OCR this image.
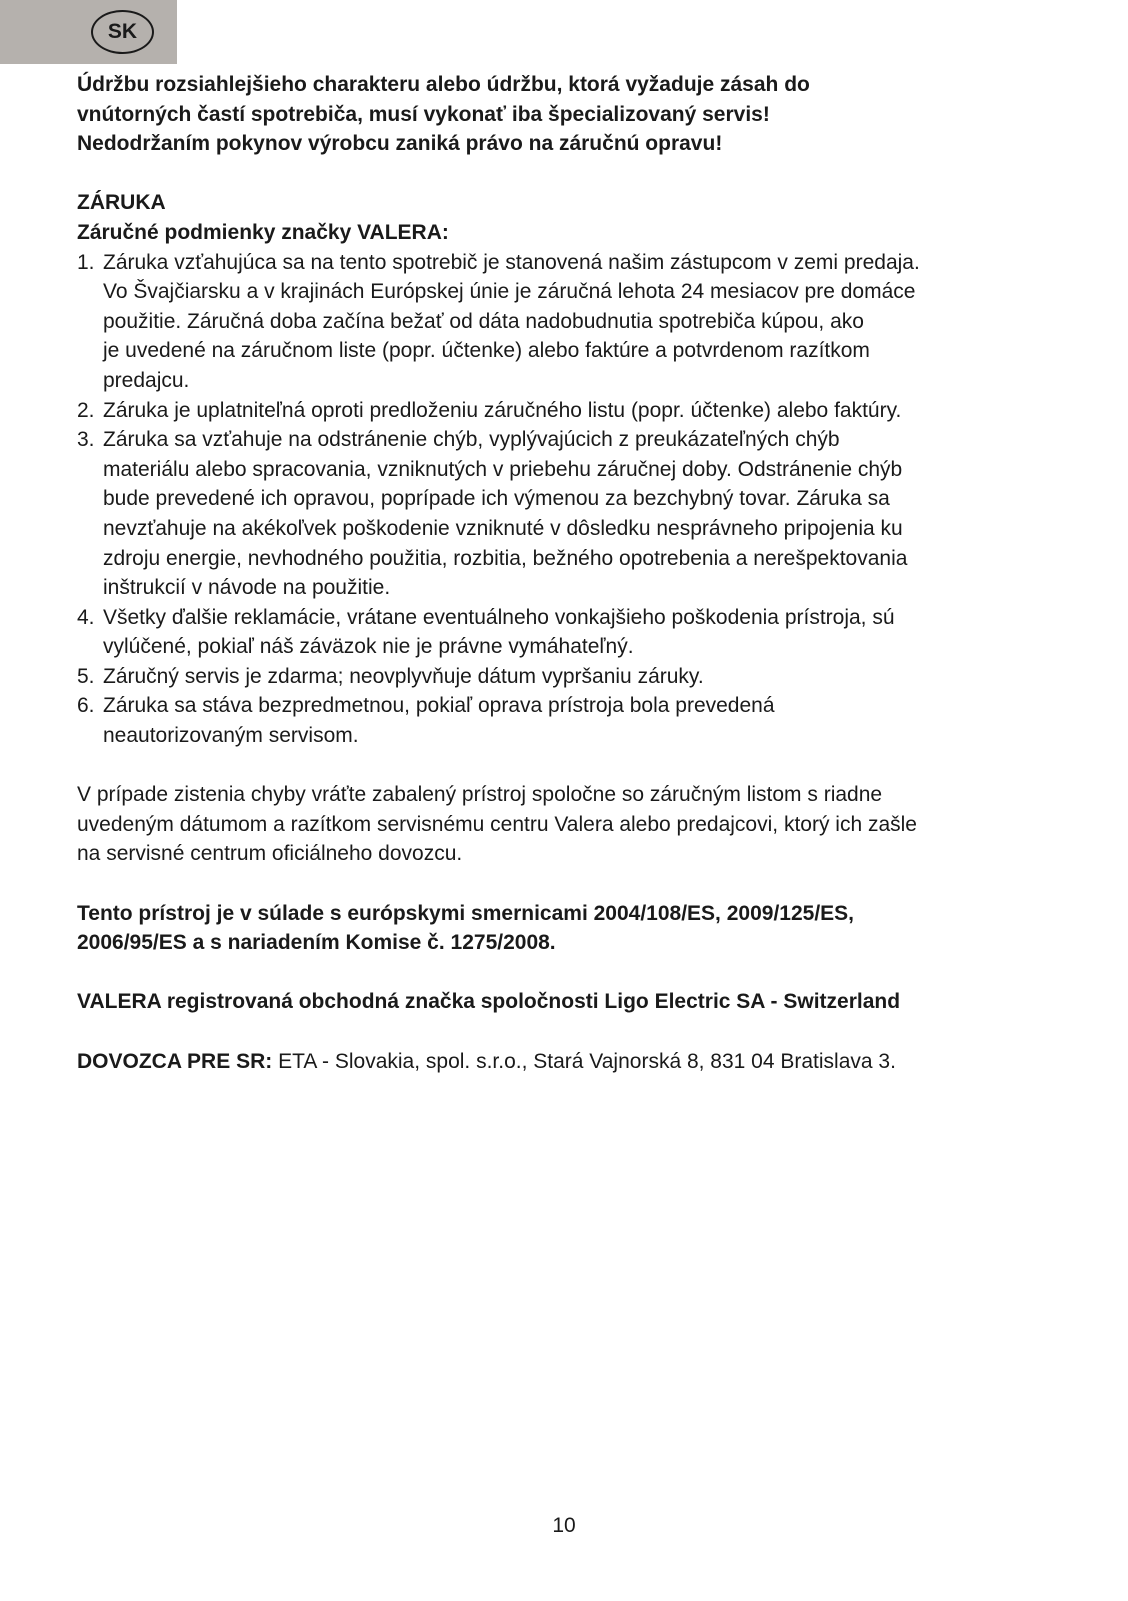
SK

Údržbu rozsiahlejšieho charakteru alebo údržbu, ktorá vyžaduje zásah do
vnútorných častí spotrebiča, musí vykonať iba špecializovaný servis!
Nedodržaním pokynov výrobcu zaniká právo na záručnú opravu!

ZÁRUKA

Záručné podmienky značky VALERA:

1. Záruka vzťahujúca sa na tento spotrebič je stanovená našim zástupcom v zemi predaja.
Vo Švajčiarsku a v krajinách Európskej únie je záručná lehota 24 mesiacov pre domáce
použitie. Záručná doba začína bežať od dáta nadobudnutia spotrebiča kúpou, ako
je uvedené na záručnom liste (popr. účtenke) alebo faktúre a potvrdenom razítkom
predajcu.
2. Záruka je uplatniteľná oproti predloženiu záručného listu (popr. účtenke) alebo faktúry.
3. Záruka sa vzťahuje na odstránenie chýb, vyplývajúcich z preukázateľných chýb
materiálu alebo spracovania, vzniknutých v priebehu záručnej doby. Odstránenie chýb
bude prevedené ich opravou, poprípade ich výmenou za bezchybný tovar. Záruka sa
nevzťahuje na akékoľvek poškodenie vzniknuté v dôsledku nesprávneho pripojenia ku
zdroju energie, nevhodného použitia, rozbitia, bežného opotrebenia a nerešpektovania
inštrukcií v návode na použitie.
4. Všetky ďalšie reklamácie, vrátane eventuálneho vonkajšieho poškodenia prístroja, sú
vylúčené, pokiaľ náš záväzok nie je právne vymáhateľný.
5. Záručný servis je zdarma; neovplyvňuje dátum vypršaniu záruky.
6. Záruka sa stáva bezpredmetnou, pokiaľ oprava prístroja bola prevedená
neautorizovaným servisom.

V prípade zistenia chyby vráťte zabalený prístroj spoločne so záručným listom s riadne
uvedeným dátumom a razítkom servisnému centru Valera alebo predajcovi, ktorý ich zašle
na servisné centrum oficiálneho dovozcu.

Tento prístroj je v súlade s európskymi smernicami 2004/108/ES, 2009/125/ES,
2006/95/ES a s nariadením Komise č. 1275/2008.

VALERA registrovaná obchodná značka spoločnosti Ligo Electric SA - Switzerland

DOVOZCA PRE SR: ETA - Slovakia, spol. s.r.o., Stará Vajnorská 8, 831 04 Bratislava 3.

10
